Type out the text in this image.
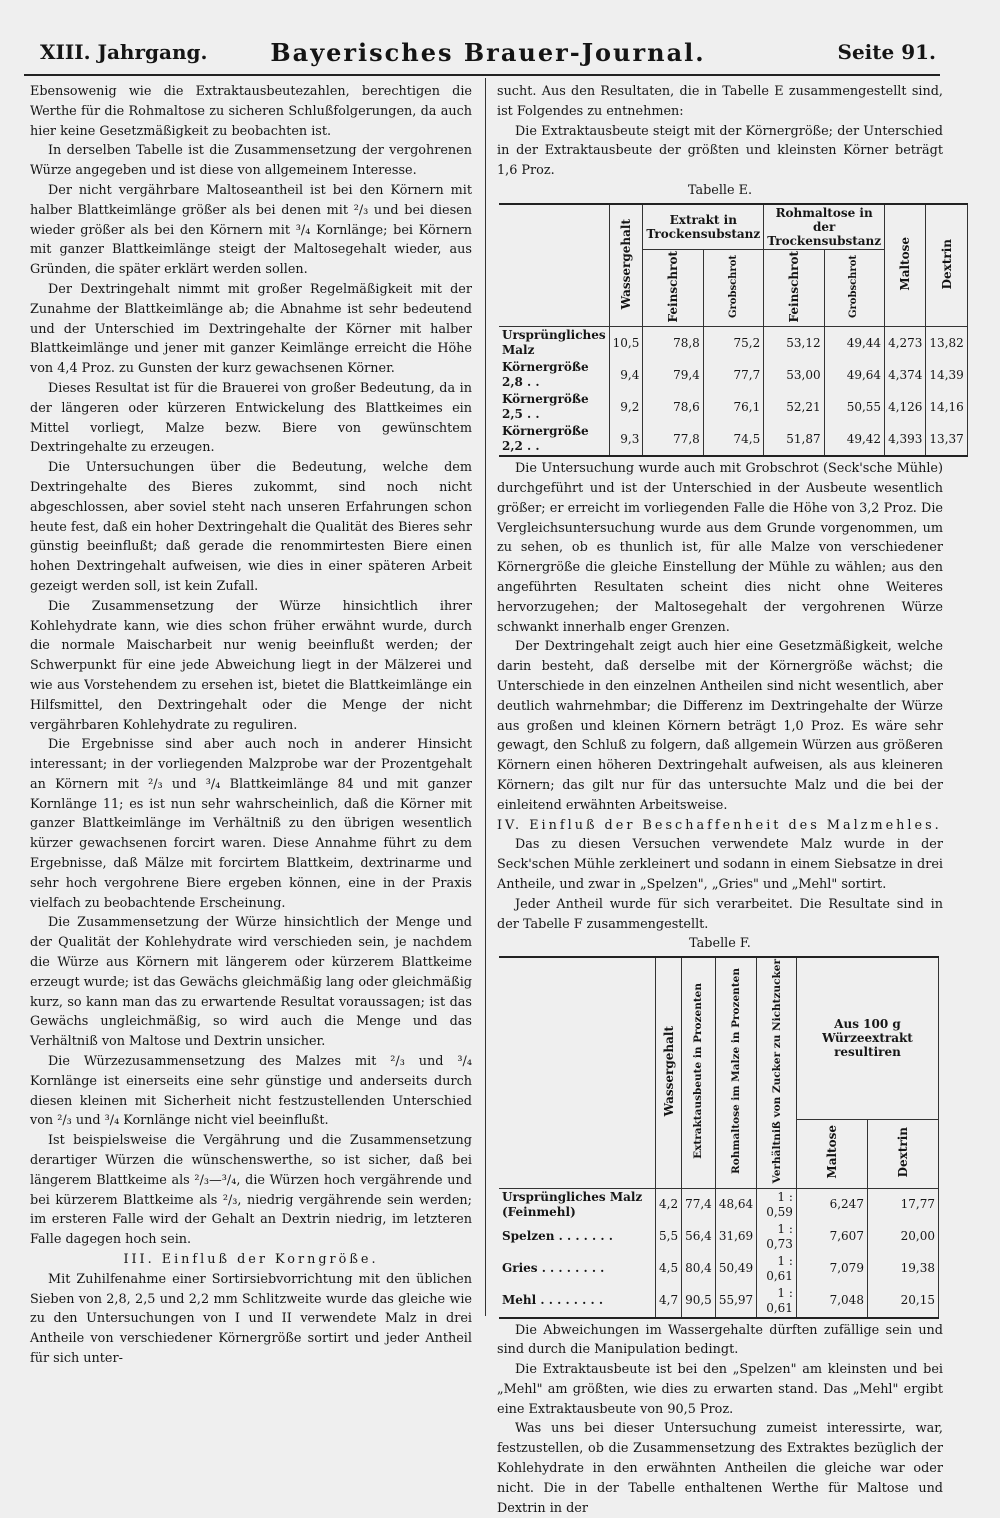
XIII. Jahrgang.	Bayerisches Brauer-Journal.	Seite 91.

Ebensowenig wie die Extraktausbeutezahlen, berechtigen die Werthe für die Rohmaltose zu sicheren Schlußfolgerungen, da auch hier keine Gesetzmäßigkeit zu beobachten ist.

In derselben Tabelle ist die Zusammensetzung der vergohrenen Würze angegeben und ist diese von allgemeinem Interesse.

Der nicht vergährbare Maltoseantheil ist bei den Körnern mit halber Blattkeimlänge größer als bei denen mit ²/₃ und bei diesen wieder größer als bei den Körnern mit ³/₄ Kornlänge; bei Körnern mit ganzer Blattkeimlänge steigt der Maltosegehalt wieder, aus Gründen, die später erklärt werden sollen.

Der Dextringehalt nimmt mit großer Regelmäßigkeit mit der Zunahme der Blattkeimlänge ab; die Abnahme ist sehr bedeutend und der Unterschied im Dextringehalte der Körner mit halber Blattkeimlänge und jener mit ganzer Keimlänge erreicht die Höhe von 4,4 Proz. zu Gunsten der kurz gewachsenen Körner.

Dieses Resultat ist für die Brauerei von großer Bedeutung, da in der längeren oder kürzeren Entwickelung des Blattkeimes ein Mittel vorliegt, Malze bezw. Biere von gewünschtem Dextringehalte zu erzeugen.

Die Untersuchungen über die Bedeutung, welche dem Dextringehalte des Bieres zukommt, sind noch nicht abgeschlossen, aber soviel steht nach unseren Erfahrungen schon heute fest, daß ein hoher Dextringehalt die Qualität des Bieres sehr günstig beeinflußt; daß gerade die renommirtesten Biere einen hohen Dextringehalt aufweisen, wie dies in einer späteren Arbeit gezeigt werden soll, ist kein Zufall.

Die Zusammensetzung der Würze hinsichtlich ihrer Kohlehydrate kann, wie dies schon früher erwähnt wurde, durch die normale Maischarbeit nur wenig beeinflußt werden; der Schwerpunkt für eine jede Abweichung liegt in der Mälzerei und wie aus Vorstehendem zu ersehen ist, bietet die Blattkeimlänge ein Hilfsmittel, den Dextringehalt oder die Menge der nicht vergährbaren Kohlehydrate zu reguliren.

Die Ergebnisse sind aber auch noch in anderer Hinsicht interessant; in der vorliegenden Malzprobe war der Prozentgehalt an Körnern mit ²/₃ und ³/₄ Blattkeimlänge 84 und mit ganzer Kornlänge 11; es ist nun sehr wahrscheinlich, daß die Körner mit ganzer Blattkeimlänge im Verhältniß zu den übrigen wesentlich kürzer gewachsenen forcirt waren. Diese Annahme führt zu dem Ergebnisse, daß Mälze mit forcirtem Blattkeim, dextrinarme und sehr hoch vergohrene Biere ergeben können, eine in der Praxis vielfach zu beobachtende Erscheinung.

Die Zusammensetzung der Würze hinsichtlich der Menge und der Qualität der Kohlehydrate wird verschieden sein, je nachdem die Würze aus Körnern mit längerem oder kürzerem Blattkeime erzeugt wurde; ist das Gewächs gleichmäßig lang oder gleichmäßig kurz, so kann man das zu erwartende Resultat voraussagen; ist das Gewächs ungleichmäßig, so wird auch die Menge und das Verhältniß von Maltose und Dextrin unsicher.

Die Würzezusammensetzung des Malzes mit ²/₃ und ³/₄ Kornlänge ist einerseits eine sehr günstige und anderseits durch diesen kleinen mit Sicherheit nicht festzustellenden Unterschied von ²/₃ und ³/₄ Kornlänge nicht viel beeinflußt.

Ist beispielsweise die Vergährung und die Zusammensetzung derartiger Würzen die wünschenswerthe, so ist sicher, daß bei längerem Blattkeime als ²/₃—³/₄, die Würzen hoch vergährende und bei kürzerem Blattkeime als ²/₃, niedrig vergährende sein werden; im ersteren Falle wird der Gehalt an Dextrin niedrig, im letzteren Falle dagegen hoch sein.

III. Einfluß der Korngröße.

Mit Zuhilfenahme einer Sortirsiebvorrichtung mit den üblichen Sieben von 2,8, 2,5 und 2,2 mm Schlitzweite wurde das gleiche wie zu den Untersuchungen von I und II verwendete Malz in drei Antheile von verschiedener Körnergröße sortirt und jeder Antheil für sich unter-

sucht. Aus den Resultaten, die in Tabelle E zusammengestellt sind, ist Folgendes zu entnehmen:

Die Extraktausbeute steigt mit der Körnergröße; der Unterschied in der Extraktausbeute der größten und kleinsten Körner beträgt 1,6 Proz.

Tabelle E.

	Wassergehalt	Extrakt in Trockensubstanz		Rohmaltose in der Trockensubstanz		Maltose	Dextrin
		Feinschrot	Grobschrot	Feinschrot	Grobschrot		
Ursprüngliches Malz	10,5	78,8	75,2	53,12	49,44	4,273	13,82
Körnergröße 2,8 . .	9,4	79,4	77,7	53,00	49,64	4,374	14,39
Körnergröße 2,5 . .	9,2	78,6	76,1	52,21	50,55	4,126	14,16
Körnergröße 2,2 . .	9,3	77,8	74,5	51,87	49,42	4,393	13,37

Die Untersuchung wurde auch mit Grobschrot (Seck'sche Mühle) durchgeführt und ist der Unterschied in der Ausbeute wesentlich größer; er erreicht im vorliegenden Falle die Höhe von 3,2 Proz. Die Vergleichsuntersuchung wurde aus dem Grunde vorgenommen, um zu sehen, ob es thunlich ist, für alle Malze von verschiedener Körnergröße die gleiche Einstellung der Mühle zu wählen; aus den angeführten Resultaten scheint dies nicht ohne Weiteres hervorzugehen; der Maltosegehalt der vergohrenen Würze schwankt innerhalb enger Grenzen.

Der Dextringehalt zeigt auch hier eine Gesetzmäßigkeit, welche darin besteht, daß derselbe mit der Körnergröße wächst; die Unterschiede in den einzelnen Antheilen sind nicht wesentlich, aber deutlich wahrnehmbar; die Differenz im Dextringehalte der Würze aus großen und kleinen Körnern beträgt 1,0 Proz. Es wäre sehr gewagt, den Schluß zu folgern, daß allgemein Würzen aus größeren Körnern einen höheren Dextringehalt aufweisen, als aus kleineren Körnern; das gilt nur für das untersuchte Malz und die bei der einleitend erwähnten Arbeitsweise.

IV. Einfluß der Beschaffenheit des Malzmehles.

Das zu diesen Versuchen verwendete Malz wurde in der Seck'schen Mühle zerkleinert und sodann in einem Siebsatze in drei Antheile, und zwar in „Spelzen", „Gries" und „Mehl" sortirt.

Jeder Antheil wurde für sich verarbeitet. Die Resultate sind in der Tabelle F zusammengestellt.

Tabelle F.

	Wassergehalt	Extraktausbeute in Prozenten	Rohmaltose im Malze in Prozenten	Verhältniß von Zucker zu Nichtzucker	Aus 100 g Würzeextrakt resultiren	
					Maltose	Dextrin
Ursprüngliches Malz (Feinmehl)	4,2	77,4	48,64	1 : 0,59	6,247	17,77
Spelzen . . . . . . .	5,5	56,4	31,69	1 : 0,73	7,607	20,00
Gries . . . . . . . .	4,5	80,4	50,49	1 : 0,61	7,079	19,38
Mehl . . . . . . . .	4,7	90,5	55,97	1 : 0,61	7,048	20,15

Die Abweichungen im Wassergehalte dürften zufällige sein und sind durch die Manipulation bedingt.

Die Extraktausbeute ist bei den „Spelzen" am kleinsten und bei „Mehl" am größten, wie dies zu erwarten stand. Das „Mehl" ergibt eine Extraktausbeute von 90,5 Proz.

Was uns bei dieser Untersuchung zumeist interessirte, war, festzustellen, ob die Zusammensetzung des Extraktes bezüglich der Kohlehydrate in den erwähnten Antheilen die gleiche war oder nicht. Die in der Tabelle enthaltenen Werthe für Maltose und Dextrin in der
